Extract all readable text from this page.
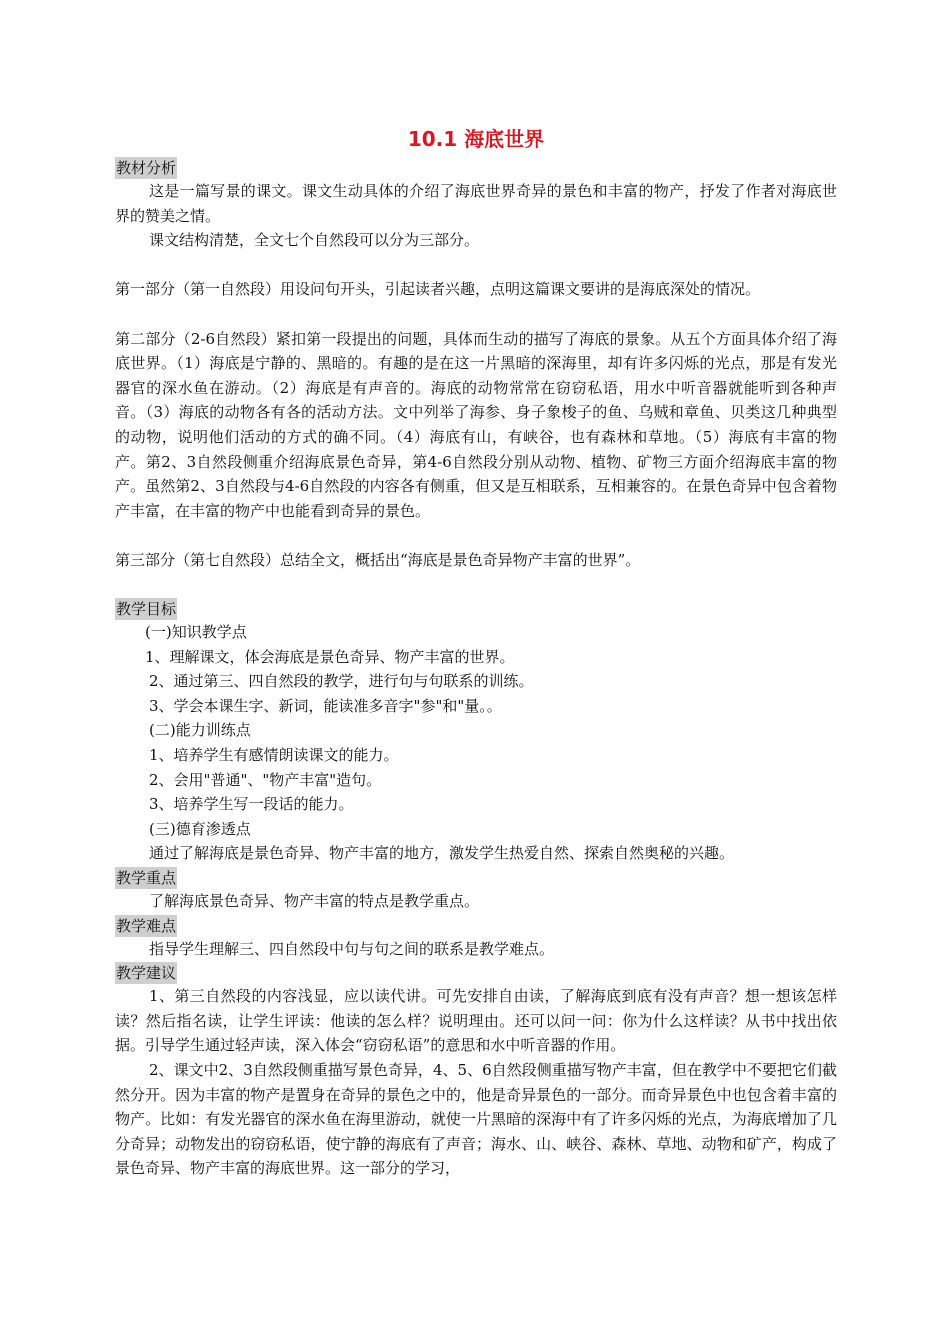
10.1 海底世界
教材分析

这是一篇写景的课文。课文生动具体的介绍了海底世界奇异的景色和丰富的物产，抒发了作者对海底世界的赞美之情。

课文结构清楚，全文七个自然段可以分为三部分。

第一部分（第一自然段）用设问句开头，引起读者兴趣，点明这篇课文要讲的是海底深处的情况。

第二部分（2-6自然段）紧扣第一段提出的问题，具体而生动的描写了海底的景象。从五个方面具体介绍了海底世界。（1）海底是宁静的、黑暗的。有趣的是在这一片黑暗的深海里，却有许多闪烁的光点，那是有发光器官的深水鱼在游动。（2）海底是有声音的。海底的动物常常在窃窃私语，用水中听音器就能听到各种声音。（3）海底的动物各有各的活动方法。文中列举了海参、身子象梭子的鱼、乌贼和章鱼、贝类这几种典型的动物，说明他们活动的方式的确不同。（4）海底有山，有峡谷，也有森林和草地。（5）海底有丰富的物产。第2、3自然段侧重介绍海底景色奇异，第4-6自然段分别从动物、植物、矿物三方面介绍海底丰富的物产。虽然第2、3自然段与4-6自然段的内容各有侧重，但又是互相联系，互相兼容的。在景色奇异中包含着物产丰富，在丰富的物产中也能看到奇异的景色。

第三部分（第七自然段）总结全文，概括出“海底是景色奇异物产丰富的世界”。

教学目标

(一)知识教学点

1、理解课文，体会海底是景色奇异、物产丰富的世界。

2、通过第三、四自然段的教学，进行句与句联系的训练。

3、学会本课生字、新词，能读准多音字"参"和"量。。

(二)能力训练点

1、培养学生有感情朗读课文的能力。

2、会用"普通"、"物产丰富"造句。

3、培养学生写一段话的能力。

(三)德育渗透点

通过了解海底是景色奇异、物产丰富的地方，激发学生热爱自然、探索自然奥秘的兴趣。

教学重点

了解海底景色奇异、物产丰富的特点是教学重点。

教学难点

指导学生理解三、四自然段中句与句之间的联系是教学难点。

教学建议

1、第三自然段的内容浅显，应以读代讲。可先安排自由读，了解海底到底有没有声音？想一想该怎样读？然后指名读，让学生评读：他读的怎么样？说明理由。还可以问一问：你为什么这样读？从书中找出依据。引导学生通过轻声读，深入体会“窃窃私语”的意思和水中听音器的作用。

2、课文中2、3自然段侧重描写景色奇异，4、5、6自然段侧重描写物产丰富，但在教学中不要把它们截然分开。因为丰富的物产是置身在奇异的景色之中的，他是奇异景色的一部分。而奇异景色中也包含着丰富的物产。比如：有发光器官的深水鱼在海里游动，就使一片黑暗的深海中有了许多闪烁的光点，为海底增加了几分奇异；动物发出的窃窃私语，使宁静的海底有了声音；海水、山、峡谷、森林、草地、动物和矿产，构成了景色奇异、物产丰富的海底世界。这一部分的学习，
